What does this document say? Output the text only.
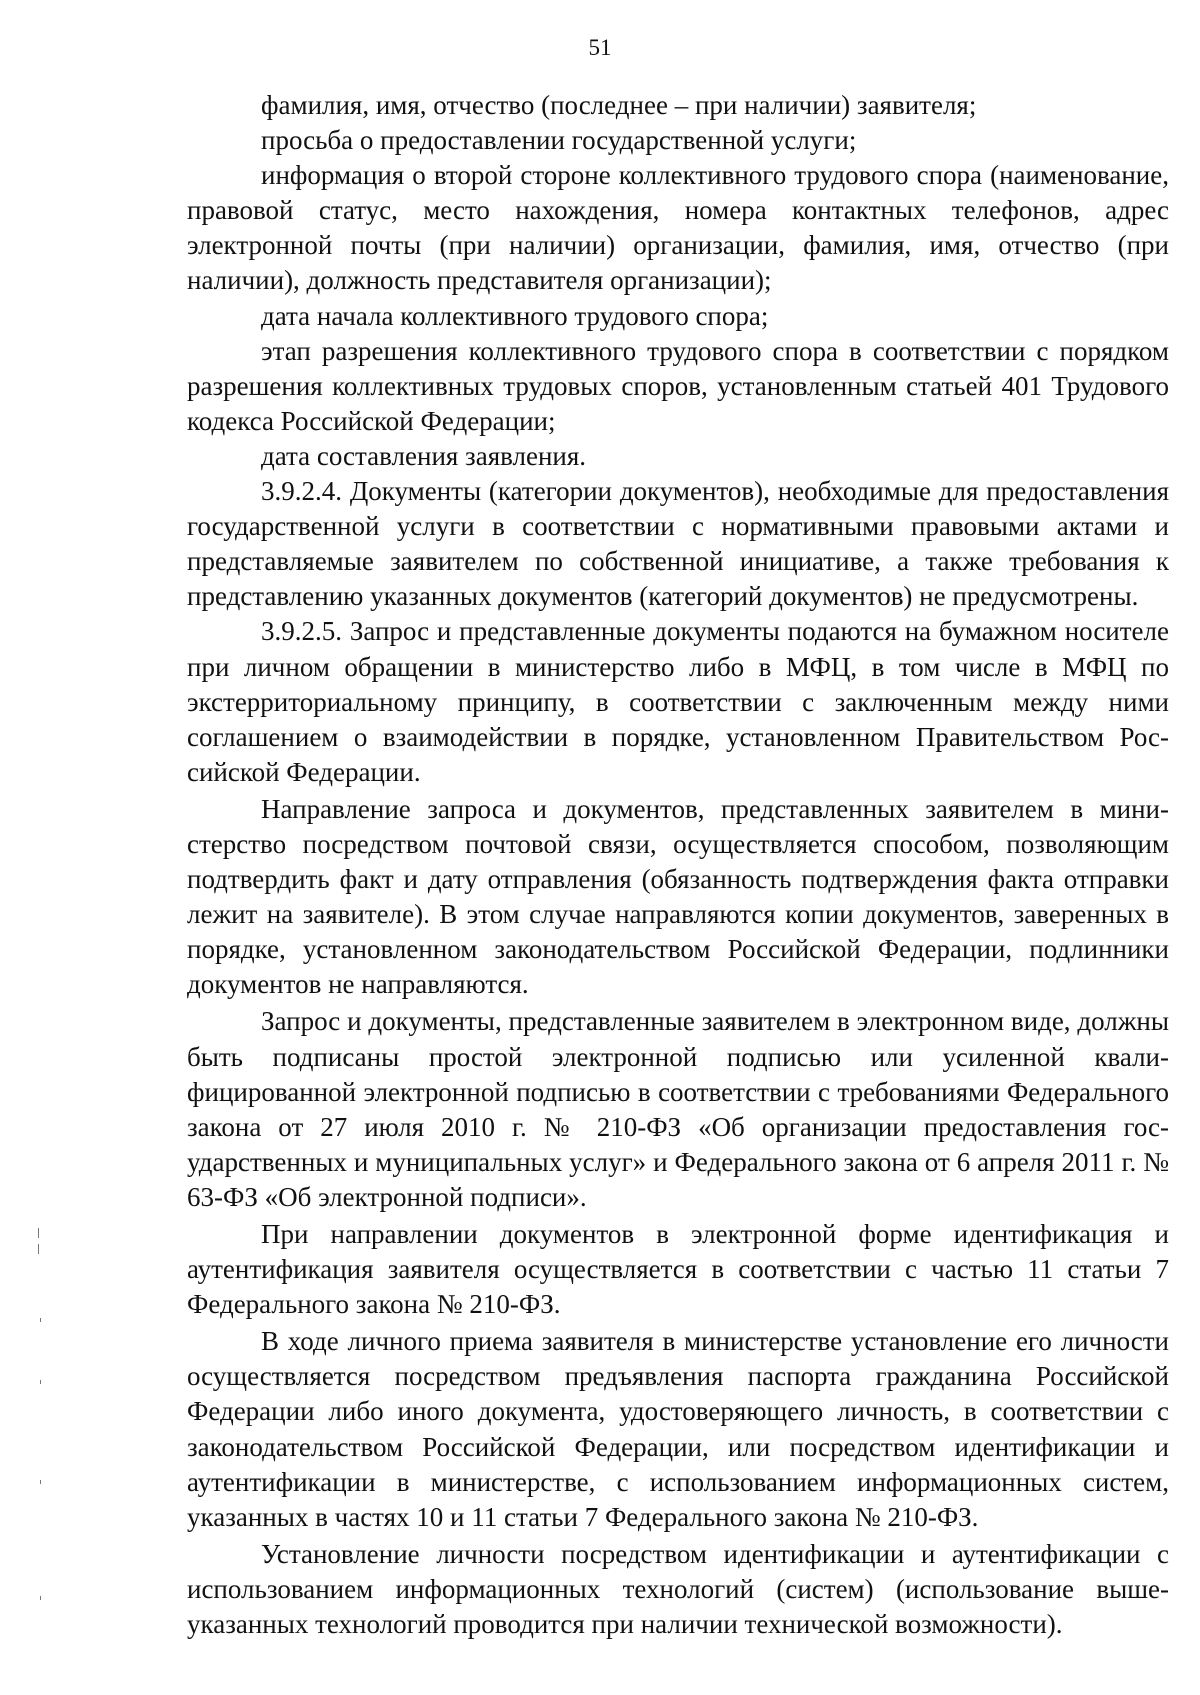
51

фамилия, имя, отчество (последнее – при наличии) заявителя;

просьба о предоставлении государственной услуги;

информация о второй стороне коллективного трудового спора (наименование, правовой статус, место нахождения, номера контактных телефонов, адрес электронной почты (при наличии) организации, фамилия, имя, отчество (при наличии), должность представителя организации);

дата начала коллективного трудового спора;

этап разрешения коллективного трудового спора в соответствии с порядком разрешения коллективных трудовых споров, установленным статьей 401 Трудового кодекса Российской Федерации;

дата составления заявления.

3.9.2.4. Документы (категории документов), необходимые для предоставления государственной услуги в соответствии с нормативными правовыми актами и представляемые заявителем по собственной инициативе, а также требования к представлению указанных документов (категорий документов) не предусмотрены.

3.9.2.5. Запрос и представленные документы подаются на бумажном носителе при личном обращении в министерство либо в МФЦ, в том числе в МФЦ по экстерриториальному принципу, в соответствии с заключенным между ними соглашением о взаимодействии в порядке, установленном Правительством Российской Федерации.

Направление запроса и документов, представленных заявителем в министерство посредством почтовой связи, осуществляется способом, позволяющим подтвердить факт и дату отправления (обязанность подтверждения факта отправки лежит на заявителе). В этом случае направляются копии документов, заверенных в порядке, установленном законодательством Российской Федерации, подлинники документов не направляются.

Запрос и документы, представленные заявителем в электронном виде, должны быть подписаны простой электронной подписью или усиленной квалифицированной электронной подписью в соответствии с требованиями Федерального закона от 27 июля 2010 г. № 210-ФЗ «Об организации предоставления государственных и муниципальных услуг» и Федерального закона от 6 апреля 2011 г. № 63-ФЗ «Об электронной подписи».

При направлении документов в электронной форме идентификация и аутентификация заявителя осуществляется в соответствии с частью 11 статьи 7 Федерального закона № 210-ФЗ.

В ходе личного приема заявителя в министерстве установление его личности осуществляется посредством предъявления паспорта гражданина Российской Федерации либо иного документа, удостоверяющего личность, в соответствии с законодательством Российской Федерации, или посредством идентификации и аутентификации в министерстве, с использованием информационных систем, указанных в частях 10 и 11 статьи 7 Федерального закона № 210-ФЗ.

Установление личности посредством идентификации и аутентификации с использованием информационных технологий (систем) (использование вышеуказанных технологий проводится при наличии технической возможности).
